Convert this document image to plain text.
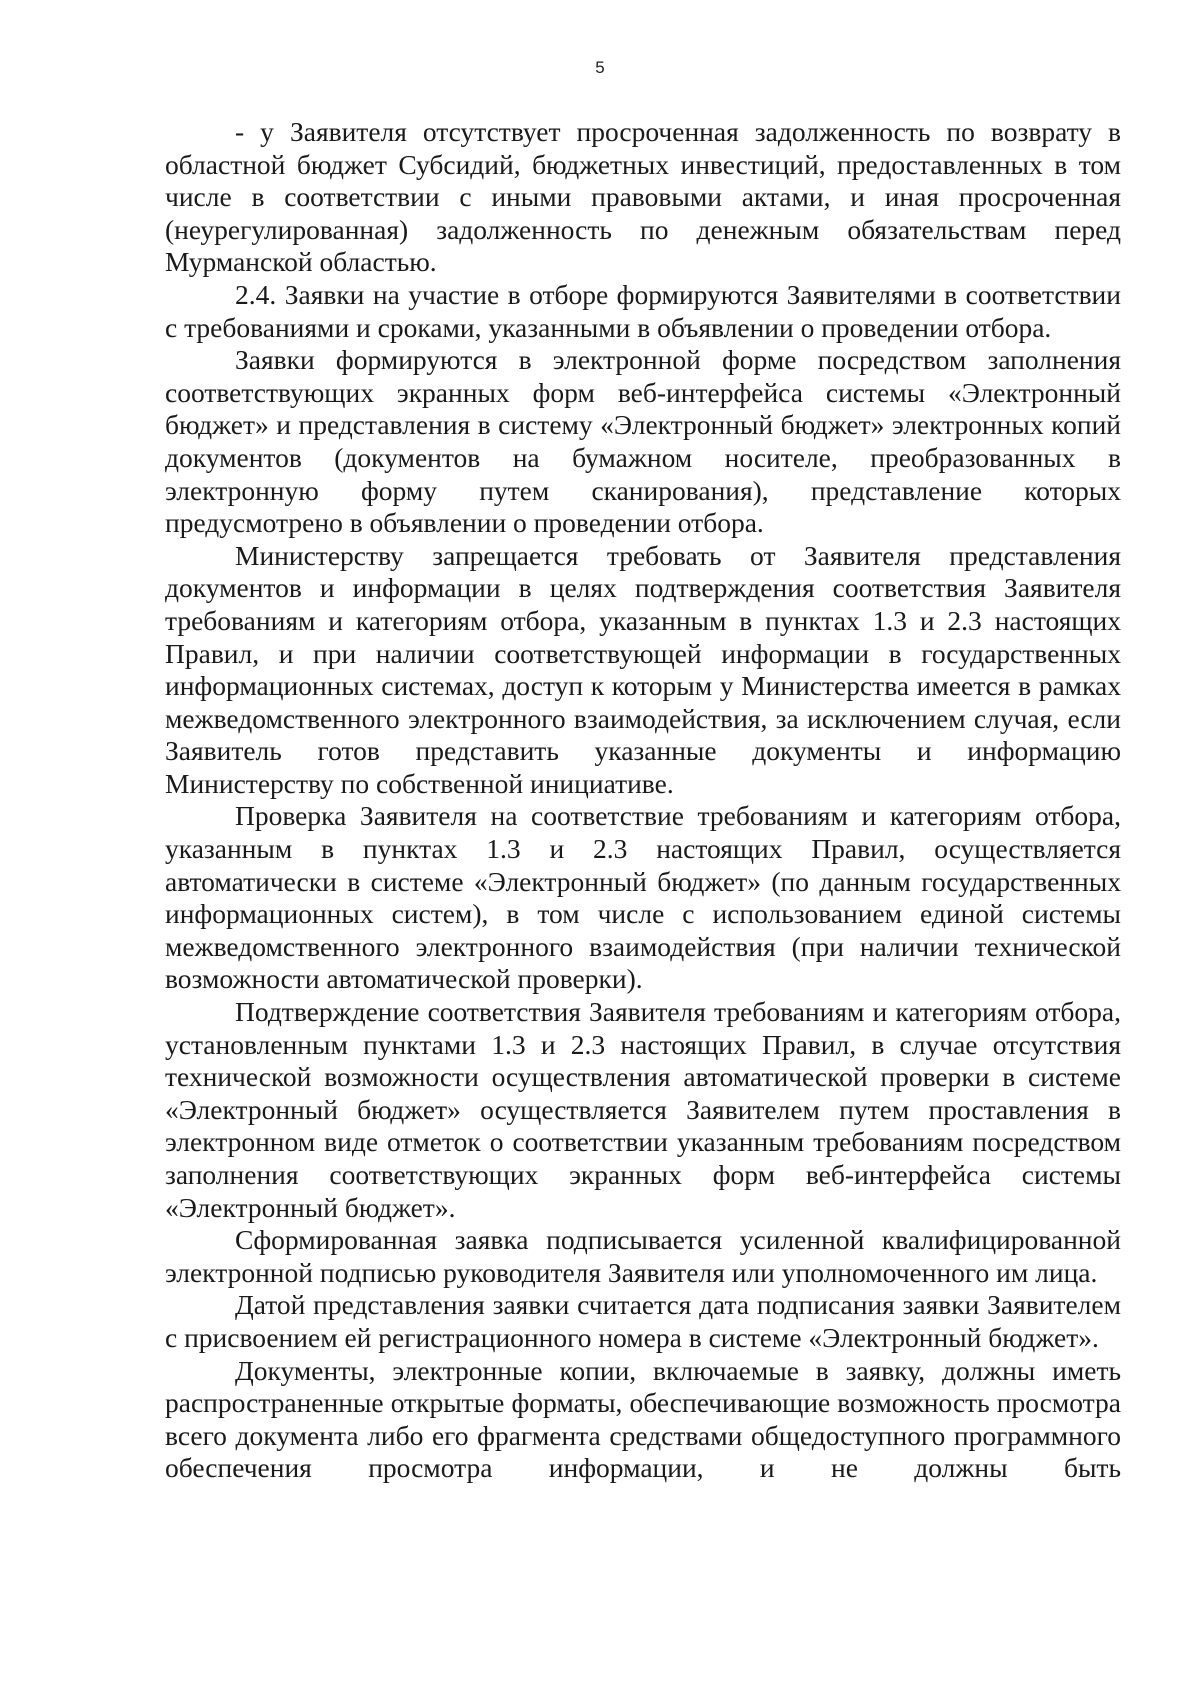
5

- у Заявителя отсутствует просроченная задолженность по возврату в областной бюджет Субсидий, бюджетных инвестиций, предоставленных в том числе в соответствии с иными правовыми актами, и иная просроченная (неурегулированная) задолженность по денежным обязательствам перед Мурманской областью.

2.4. Заявки на участие в отборе формируются Заявителями в соответствии с требованиями и сроками, указанными в объявлении о проведении отбора.

Заявки формируются в электронной форме посредством заполнения соответствующих экранных форм веб-интерфейса системы «Электронный бюджет» и представления в систему «Электронный бюджет» электронных копий документов (документов на бумажном носителе, преобразованных в электронную форму путем сканирования), представление которых предусмотрено в объявлении о проведении отбора.

Министерству запрещается требовать от Заявителя представления документов и информации в целях подтверждения соответствия Заявителя требованиям и категориям отбора, указанным в пунктах 1.3 и 2.3 настоящих Правил, и при наличии соответствующей информации в государственных информационных системах, доступ к которым у Министерства имеется в рамках межведомственного электронного взаимодействия, за исключением случая, если Заявитель готов представить указанные документы и информацию Министерству по собственной инициативе.

Проверка Заявителя на соответствие требованиям и категориям отбора, указанным в пунктах 1.3 и 2.3 настоящих Правил, осуществляется автоматически в системе «Электронный бюджет» (по данным государственных информационных систем), в том числе с использованием единой системы межведомственного электронного взаимодействия (при наличии технической возможности автоматической проверки).

Подтверждение соответствия Заявителя требованиям и категориям отбора, установленным пунктами 1.3 и 2.3 настоящих Правил, в случае отсутствия технической возможности осуществления автоматической проверки в системе «Электронный бюджет» осуществляется Заявителем путем проставления в электронном виде отметок о соответствии указанным требованиям посредством заполнения соответствующих экранных форм веб-интерфейса системы «Электронный бюджет».

Сформированная заявка подписывается усиленной квалифицированной электронной подписью руководителя Заявителя или уполномоченного им лица.

Датой представления заявки считается дата подписания заявки Заявителем с присвоением ей регистрационного номера в системе «Электронный бюджет».

Документы, электронные копии, включаемые в заявку, должны иметь распространенные открытые форматы, обеспечивающие возможность просмотра всего документа либо его фрагмента средствами общедоступного программного обеспечения просмотра информации, и не должны быть
